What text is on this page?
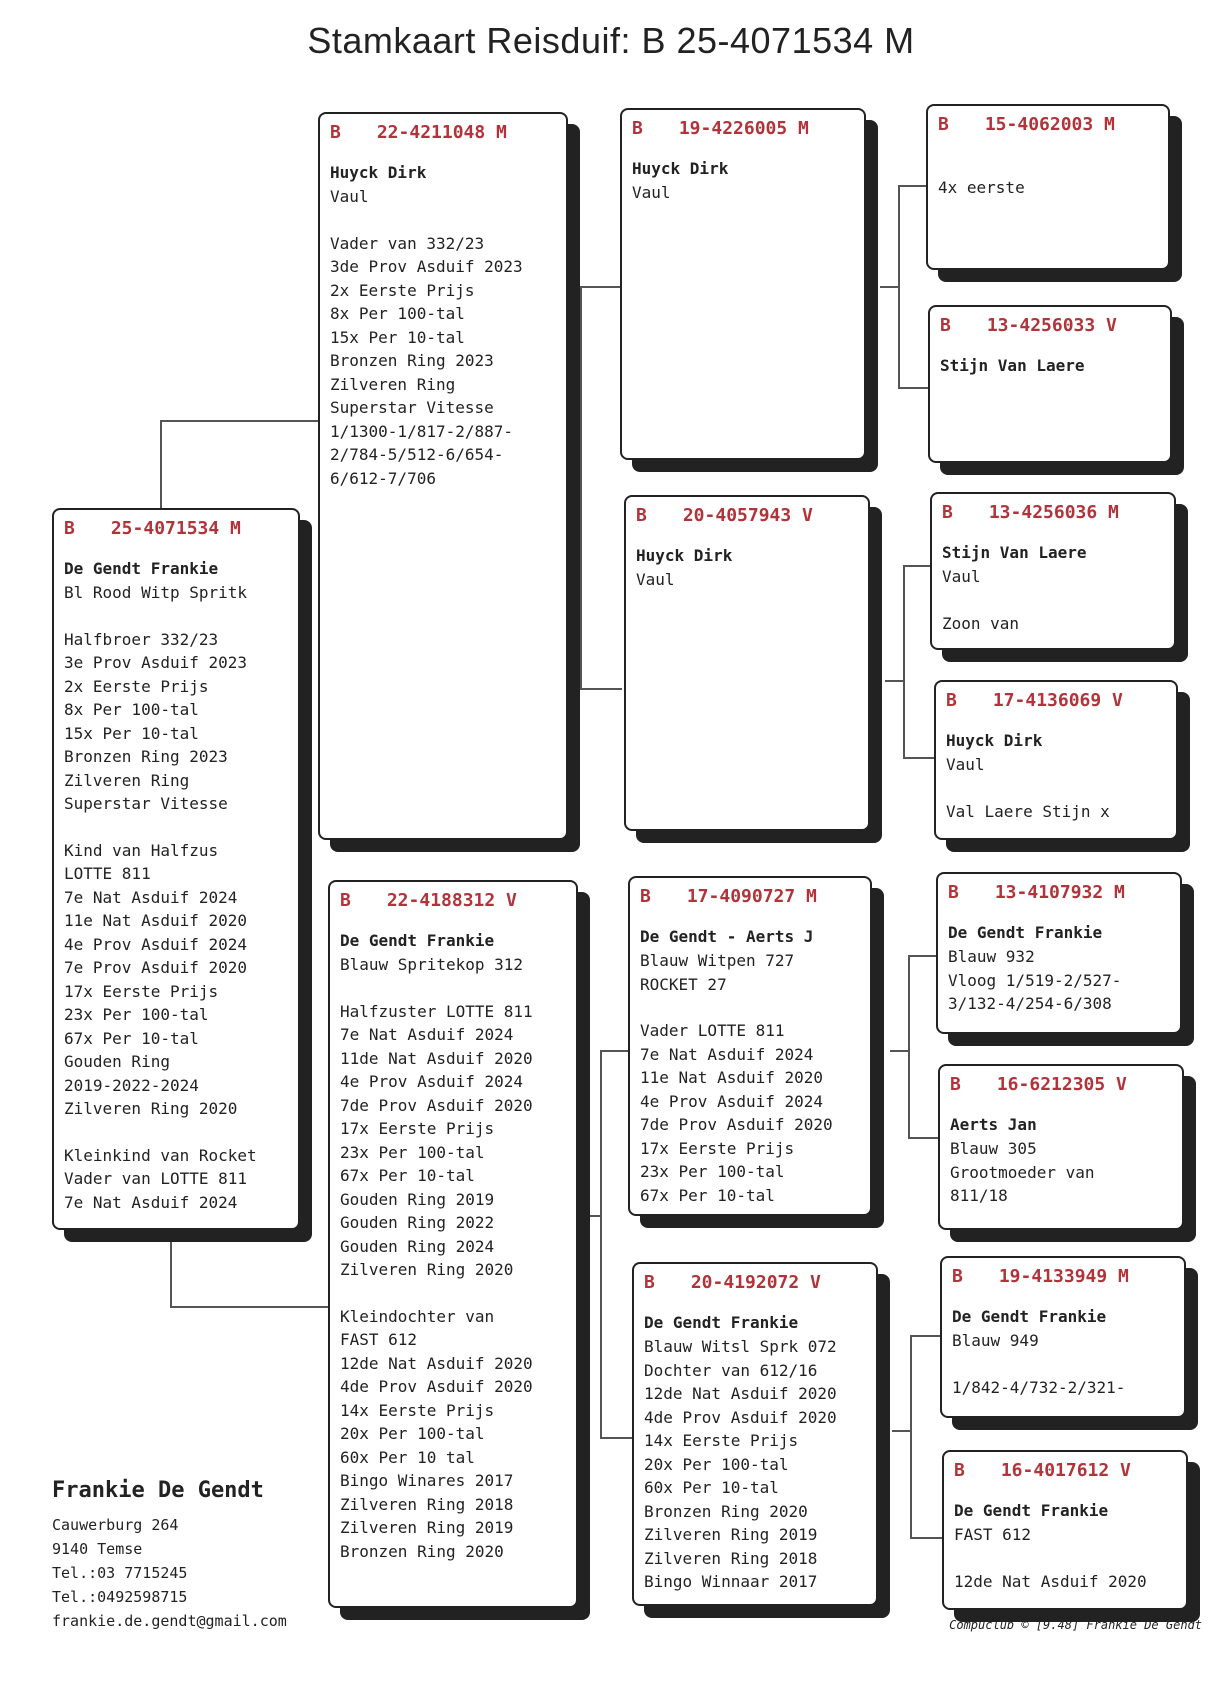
Stamkaart Reisduif: B 25-4071534 M
B 25-4071534 M
De Gendt Frankie
Bl Rood Witp Spritk
Halfbroer 332/23
3e Prov Asduif 2023
2x Eerste Prijs
8x Per 100-tal
15x Per 10-tal
Bronzen Ring 2023
Zilveren Ring
Superstar Vitesse
Kind van Halfzus
LOTTE 811
7e Nat Asduif 2024
11e Nat Asduif 2020
4e Prov Asduif 2024
7e Prov Asduif 2020
17x Eerste Prijs
23x Per 100-tal
67x Per 10-tal
Gouden Ring
2019-2022-2024
Zilveren Ring 2020
Kleinkind van Rocket
Vader van LOTTE 811
7e Nat Asduif 2024
B 22-4211048 M
Huyck Dirk
Vaul
Vader van 332/23
3de Prov Asduif 2023
2x Eerste Prijs
8x Per 100-tal
15x Per 10-tal
Bronzen Ring 2023
Zilveren Ring
Superstar Vitesse
1/1300-1/817-2/887-
2/784-5/512-6/654-
6/612-7/706
B 22-4188312 V
De Gendt Frankie
Blauw Spritekop 312
Halfzuster LOTTE 811
7e Nat Asduif 2024
11de Nat Asduif 2020
4e Prov Asduif 2024
7de Prov Asduif 2020
17x Eerste Prijs
23x Per 100-tal
67x Per 10-tal
Gouden Ring 2019
Gouden Ring 2022
Gouden Ring 2024
Zilveren Ring 2020
Kleindochter van
FAST 612
12de Nat Asduif 2020
4de Prov Asduif 2020
14x Eerste Prijs
20x Per 100-tal
60x Per 10 tal
Bingo Winares 2017
Zilveren Ring 2018
Zilveren Ring 2019
Bronzen Ring 2020
B 19-4226005 M
Huyck Dirk
Vaul
B 20-4057943 V
Huyck Dirk
Vaul
B 17-4090727 M
De Gendt - Aerts J
Blauw Witpen 727
ROCKET 27
Vader LOTTE 811
7e Nat Asduif 2024
11e Nat Asduif 2020
4e Prov Asduif 2024
7de Prov Asduif 2020
17x Eerste Prijs
23x Per 100-tal
67x Per 10-tal
B 20-4192072 V
De Gendt Frankie
Blauw Witsl Sprk 072
Dochter van 612/16
12de Nat Asduif 2020
4de Prov Asduif 2020
14x Eerste Prijs
20x Per 100-tal
60x Per 10-tal
Bronzen Ring 2020
Zilveren Ring 2019
Zilveren Ring 2018
Bingo Winnaar 2017
B 15-4062003 M
4x eerste
B 13-4256033 V
Stijn Van Laere
B 13-4256036 M
Stijn Van Laere
Vaul
Zoon van
B 17-4136069 V
Huyck Dirk
Vaul
Val Laere Stijn x
B 13-4107932 M
De Gendt Frankie
Blauw 932
Vloog 1/519-2/527-
3/132-4/254-6/308
B 16-6212305 V
Aerts Jan
Blauw 305
Grootmoeder van
811/18
B 19-4133949 M
De Gendt Frankie
Blauw 949
1/842-4/732-2/321-
B 16-4017612 V
De Gendt Frankie
FAST 612
12de Nat Asduif 2020
Frankie De Gendt
Cauwerburg 264
9140 Temse
Tel.:03 7715245
Tel.:0492598715
frankie.de.gendt@gmail.com	Compuclub © [9.48] Frankie De Gendt
